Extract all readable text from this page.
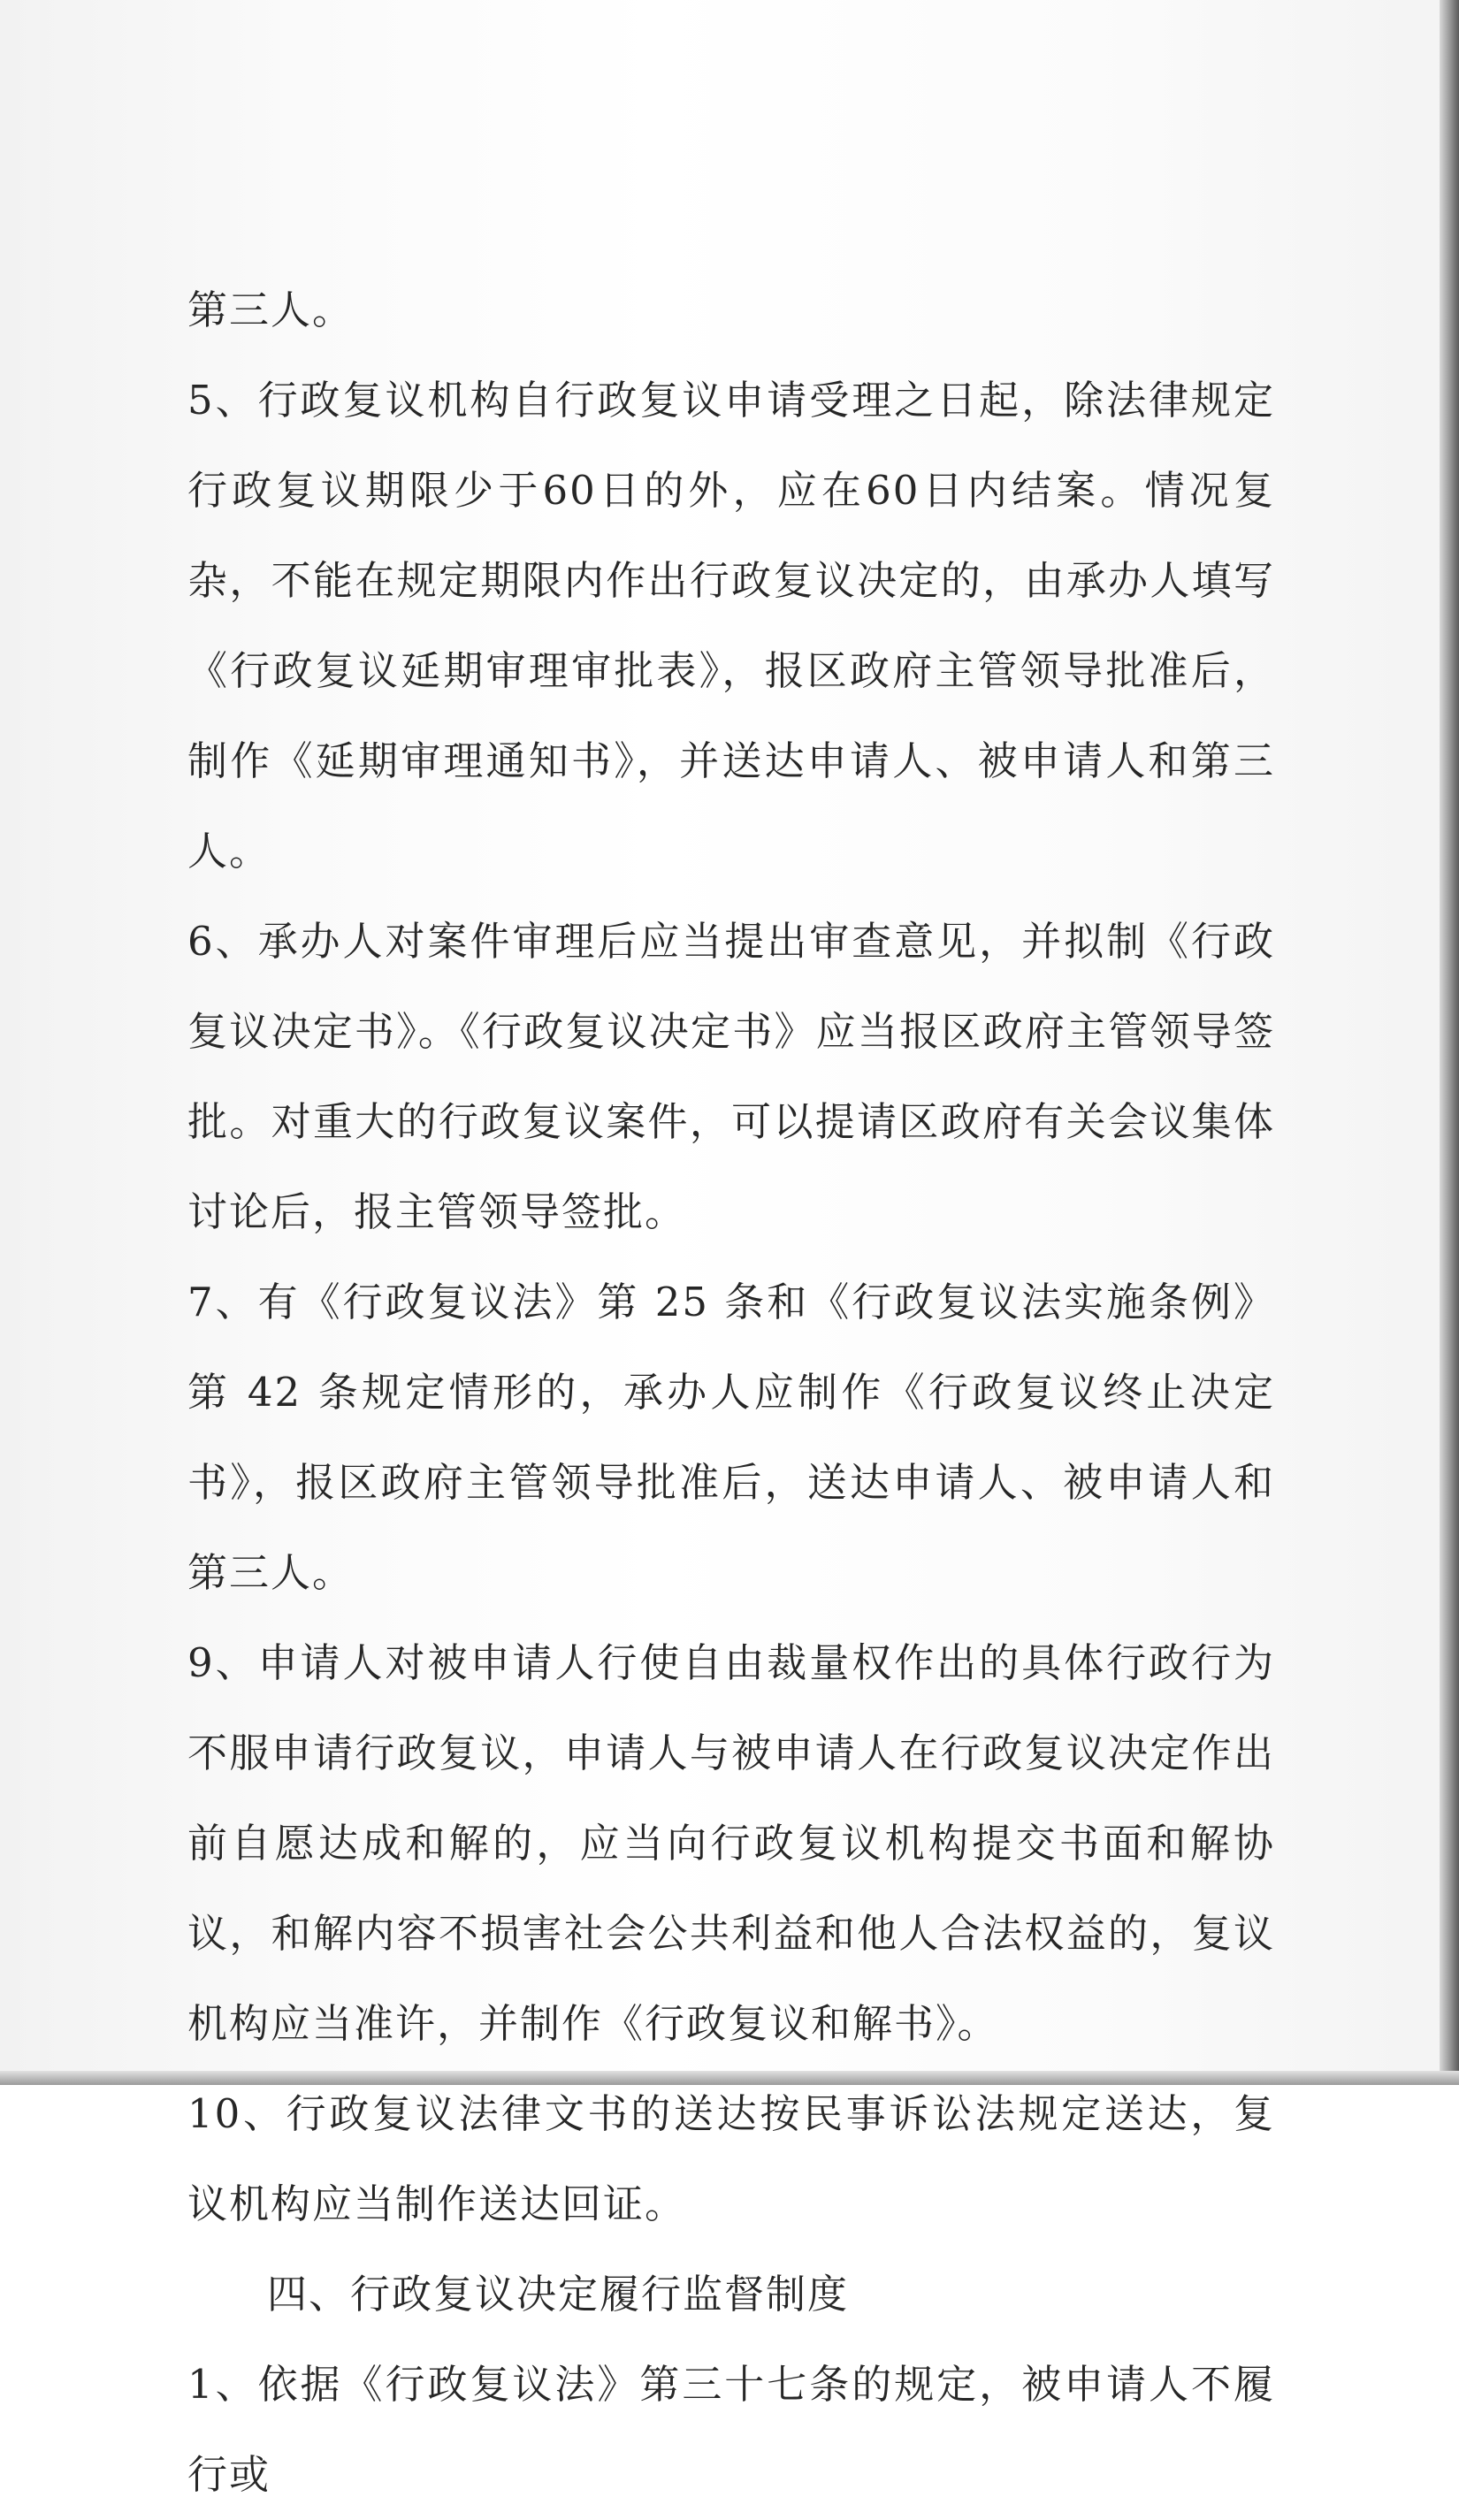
第三人。

5、行政复议机构自行政复议申请受理之日起，除法律规定行政复议期限少于60日的外，应在60日内结案。情况复杂，不能在规定期限内作出行政复议决定的，由承办人填写《行政复议延期审理审批表》，报区政府主管领导批准后，制作《延期审理通知书》，并送达申请人、被申请人和第三人。

6、承办人对案件审理后应当提出审查意见，并拟制《行政复议决定书》。《行政复议决定书》应当报区政府主管领导签批。对重大的行政复议案件，可以提请区政府有关会议集体讨论后，报主管领导签批。

7、有《行政复议法》第 25 条和《行政复议法实施条例》第 42 条规定情形的，承办人应制作《行政复议终止决定书》，报区政府主管领导批准后，送达申请人、被申请人和第三人。

9、申请人对被申请人行使自由裁量权作出的具体行政行为不服申请行政复议，申请人与被申请人在行政复议决定作出前自愿达成和解的，应当向行政复议机构提交书面和解协议，和解内容不损害社会公共利益和他人合法权益的，复议机构应当准许，并制作《行政复议和解书》。

10、行政复议法律文书的送达按民事诉讼法规定送达，复议机构应当制作送达回证。

四、行政复议决定履行监督制度

1、依据《行政复议法》第三十七条的规定，被申请人不履行或
